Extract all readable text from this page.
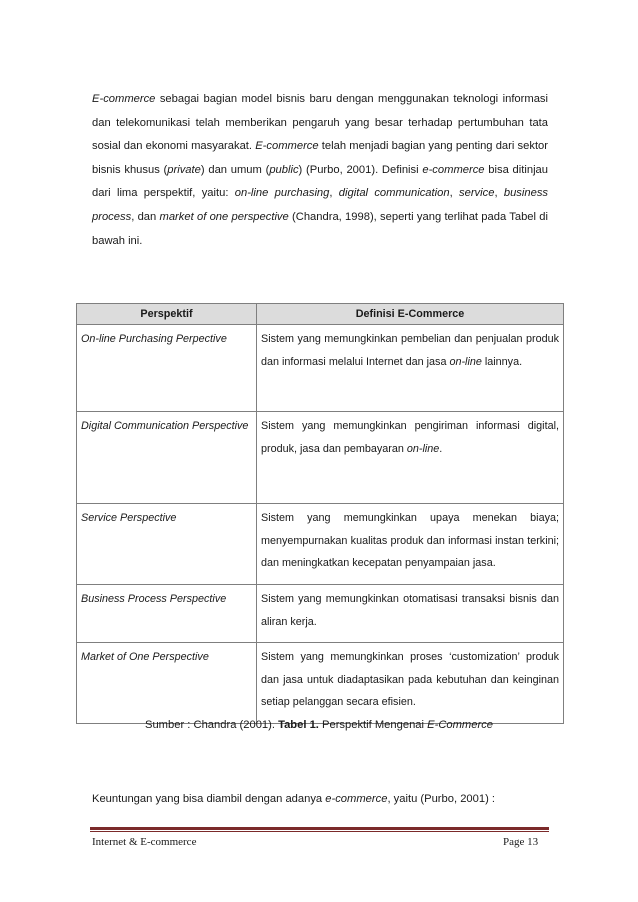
E-commerce sebagai bagian model bisnis baru dengan menggunakan teknologi informasi dan telekomunikasi telah memberikan pengaruh yang besar terhadap pertumbuhan tata sosial dan ekonomi masyarakat. E-commerce telah menjadi bagian yang penting dari sektor bisnis khusus (private) dan umum (public) (Purbo, 2001). Definisi e-commerce bisa ditinjau dari lima perspektif, yaitu: on-line purchasing, digital communication, service, business process, dan market of one perspective (Chandra, 1998), seperti yang terlihat pada Tabel di bawah ini.

Perspektif	Definisi E-Commerce
On-line Purchasing Perpective	Sistem yang memungkinkan pembelian dan penjualan produk dan informasi melalui Internet dan jasa on-line lainnya.
Digital Communication Perspective	Sistem yang memungkinkan pengiriman informasi digital, produk, jasa dan pembayaran on-line.
Service Perspective	Sistem yang memungkinkan upaya menekan biaya; menyempurnakan kualitas produk dan informasi instan terkini; dan meningkatkan kecepatan penyampaian jasa.
Business Process Perspective	Sistem yang memungkinkan otomatisasi transaksi bisnis dan aliran kerja.
Market of One Perspective	Sistem yang memungkinkan proses ‘customization’ produk dan jasa untuk diadaptasikan pada kebutuhan dan keinginan setiap pelanggan secara efisien.

Sumber : Chandra (2001). Tabel 1. Perspektif Mengenai E-Commerce

Keuntungan yang bisa diambil dengan adanya e-commerce, yaitu (Purbo, 2001) :

Internet & E-commerce	Page 13
